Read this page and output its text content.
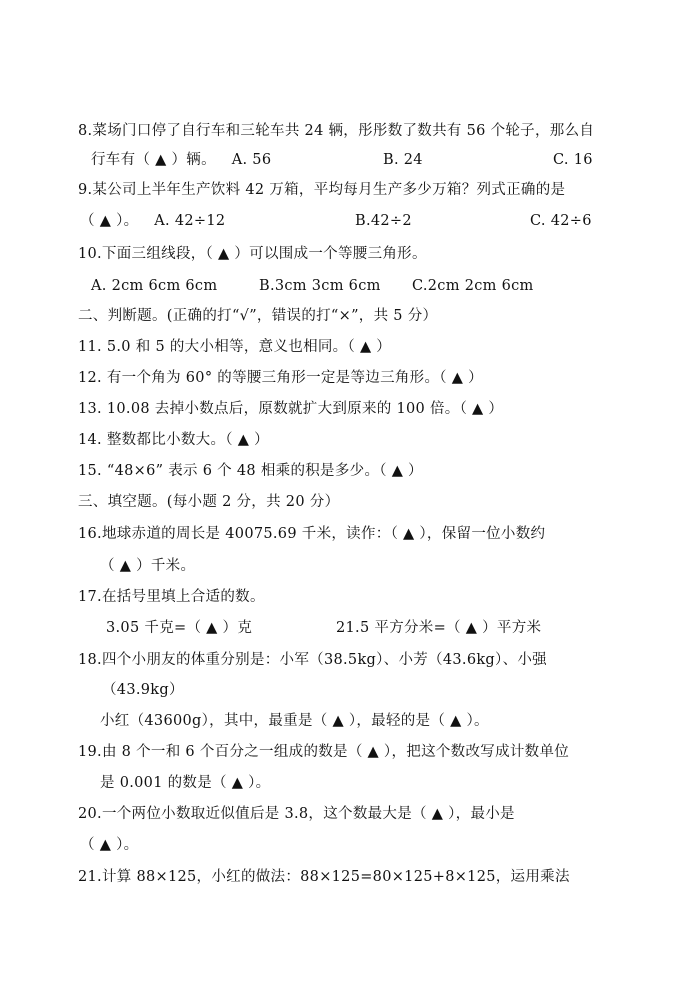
8.菜场门口停了自行车和三轮车共 24 辆，彤彤数了数共有 56 个轮子，那么自
行车有（ ▲ ）辆。 A. 56	B. 24	C. 16
9.某公司上半年生产饮料 42 万箱，平均每月生产多少万箱？列式正确的是
（ ▲ ）。 A. 42÷12	B.42÷2	C. 42÷6
10.下面三组线段，（ ▲ ）可以围成一个等腰三角形。
A. 2cm 6cm 6cm	B.3cm 3cm 6cm C.2cm 2cm 6cm
二、判断题。(正确的打“√”，错误的打“×”，共 5 分）
11. 5.0 和 5 的大小相等，意义也相同。（ ▲ ）
12. 有一个角为 60° 的等腰三角形一定是等边三角形。（ ▲ ）
13. 10.08 去掉小数点后，原数就扩大到原来的 100 倍。（ ▲ ）
14. 整数都比小数大。（ ▲ ）
15. “48×6” 表示 6 个 48 相乘的积是多少。（ ▲ ）
三、填空题。(每小题 2 分，共 20 分）
16.地球赤道的周长是 40075.69 千米，读作：（ ▲ ），保留一位小数约
（ ▲ ）千米。
17.在括号里填上合适的数。
3.05 千克=（ ▲ ）克	21.5 平方分米=（ ▲ ）平方米
18.四个小朋友的体重分别是：小军（38.5kg）、小芳（43.6kg）、小强
（43.9kg）
小红（43600g），其中，最重是（ ▲ ），最轻的是（ ▲ ）。
19.由 8 个一和 6 个百分之一组成的数是（ ▲ ），把这个数改写成计数单位
是 0.001 的数是（ ▲ ）。
20.一个两位小数取近似值后是 3.8，这个数最大是（ ▲ ），最小是
（ ▲ ）。
21.计算 88×125，小红的做法：88×125=80×125+8×125，运用乘法
